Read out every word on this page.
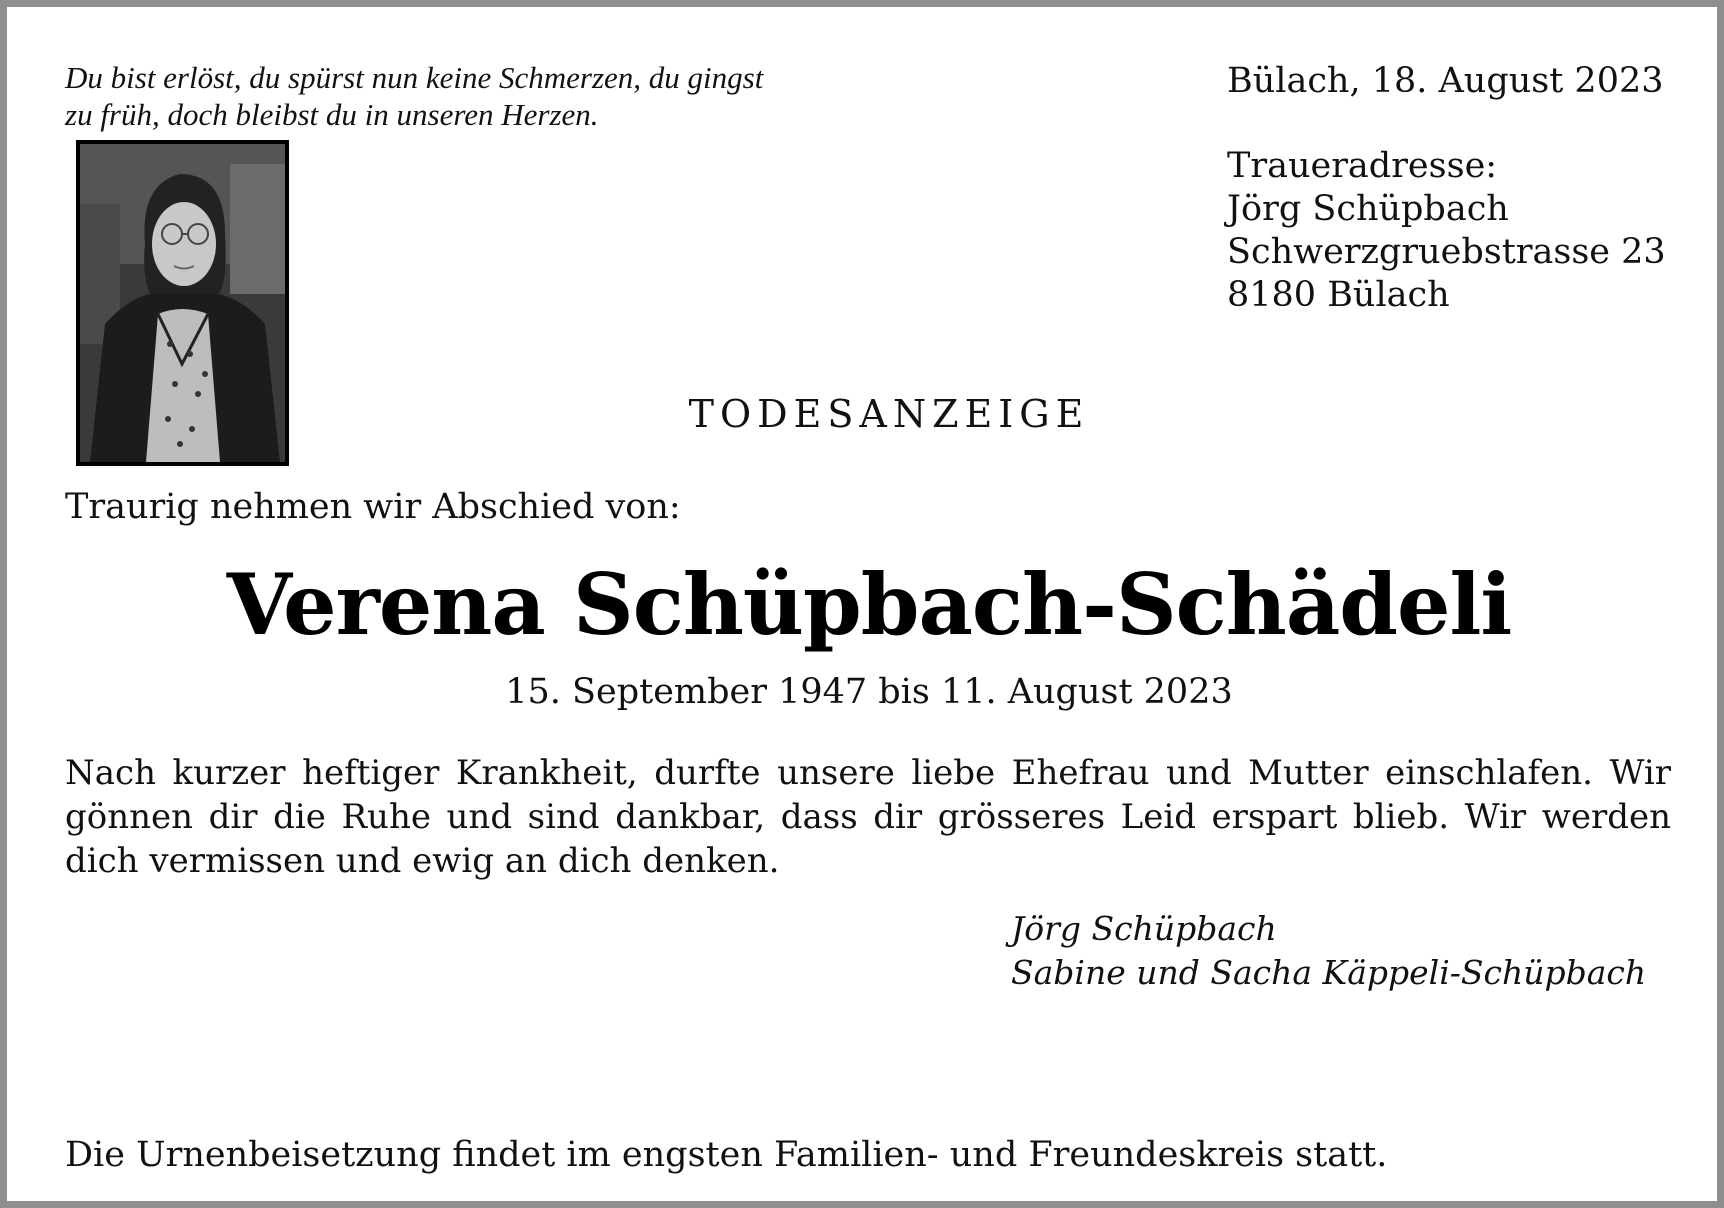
Du bist erlöst, du spürst nun keine Schmerzen, du gingst
zu früh, doch bleibst du in unseren Herzen.

Bülach, 18. August 2023

Traueradresse:
Jörg Schüpbach
Schwerzgruebstrasse 23
8180 Bülach

TODESANZEIGE

Traurig nehmen wir Abschied von:

Verena Schüpbach-Schädeli

15. September 1947 bis 11. August 2023

Nach kurzer heftiger Krankheit, durfte unsere liebe Ehefrau und Mutter einschlafen. Wir gönnen dir die Ruhe und sind dankbar, dass dir grösseres Leid erspart blieb. Wir werden dich vermissen und ewig an dich denken.

Jörg Schüpbach
Sabine und Sacha Käppeli-Schüpbach

Die Urnenbeisetzung findet im engsten Familien- und Freundeskreis statt.
